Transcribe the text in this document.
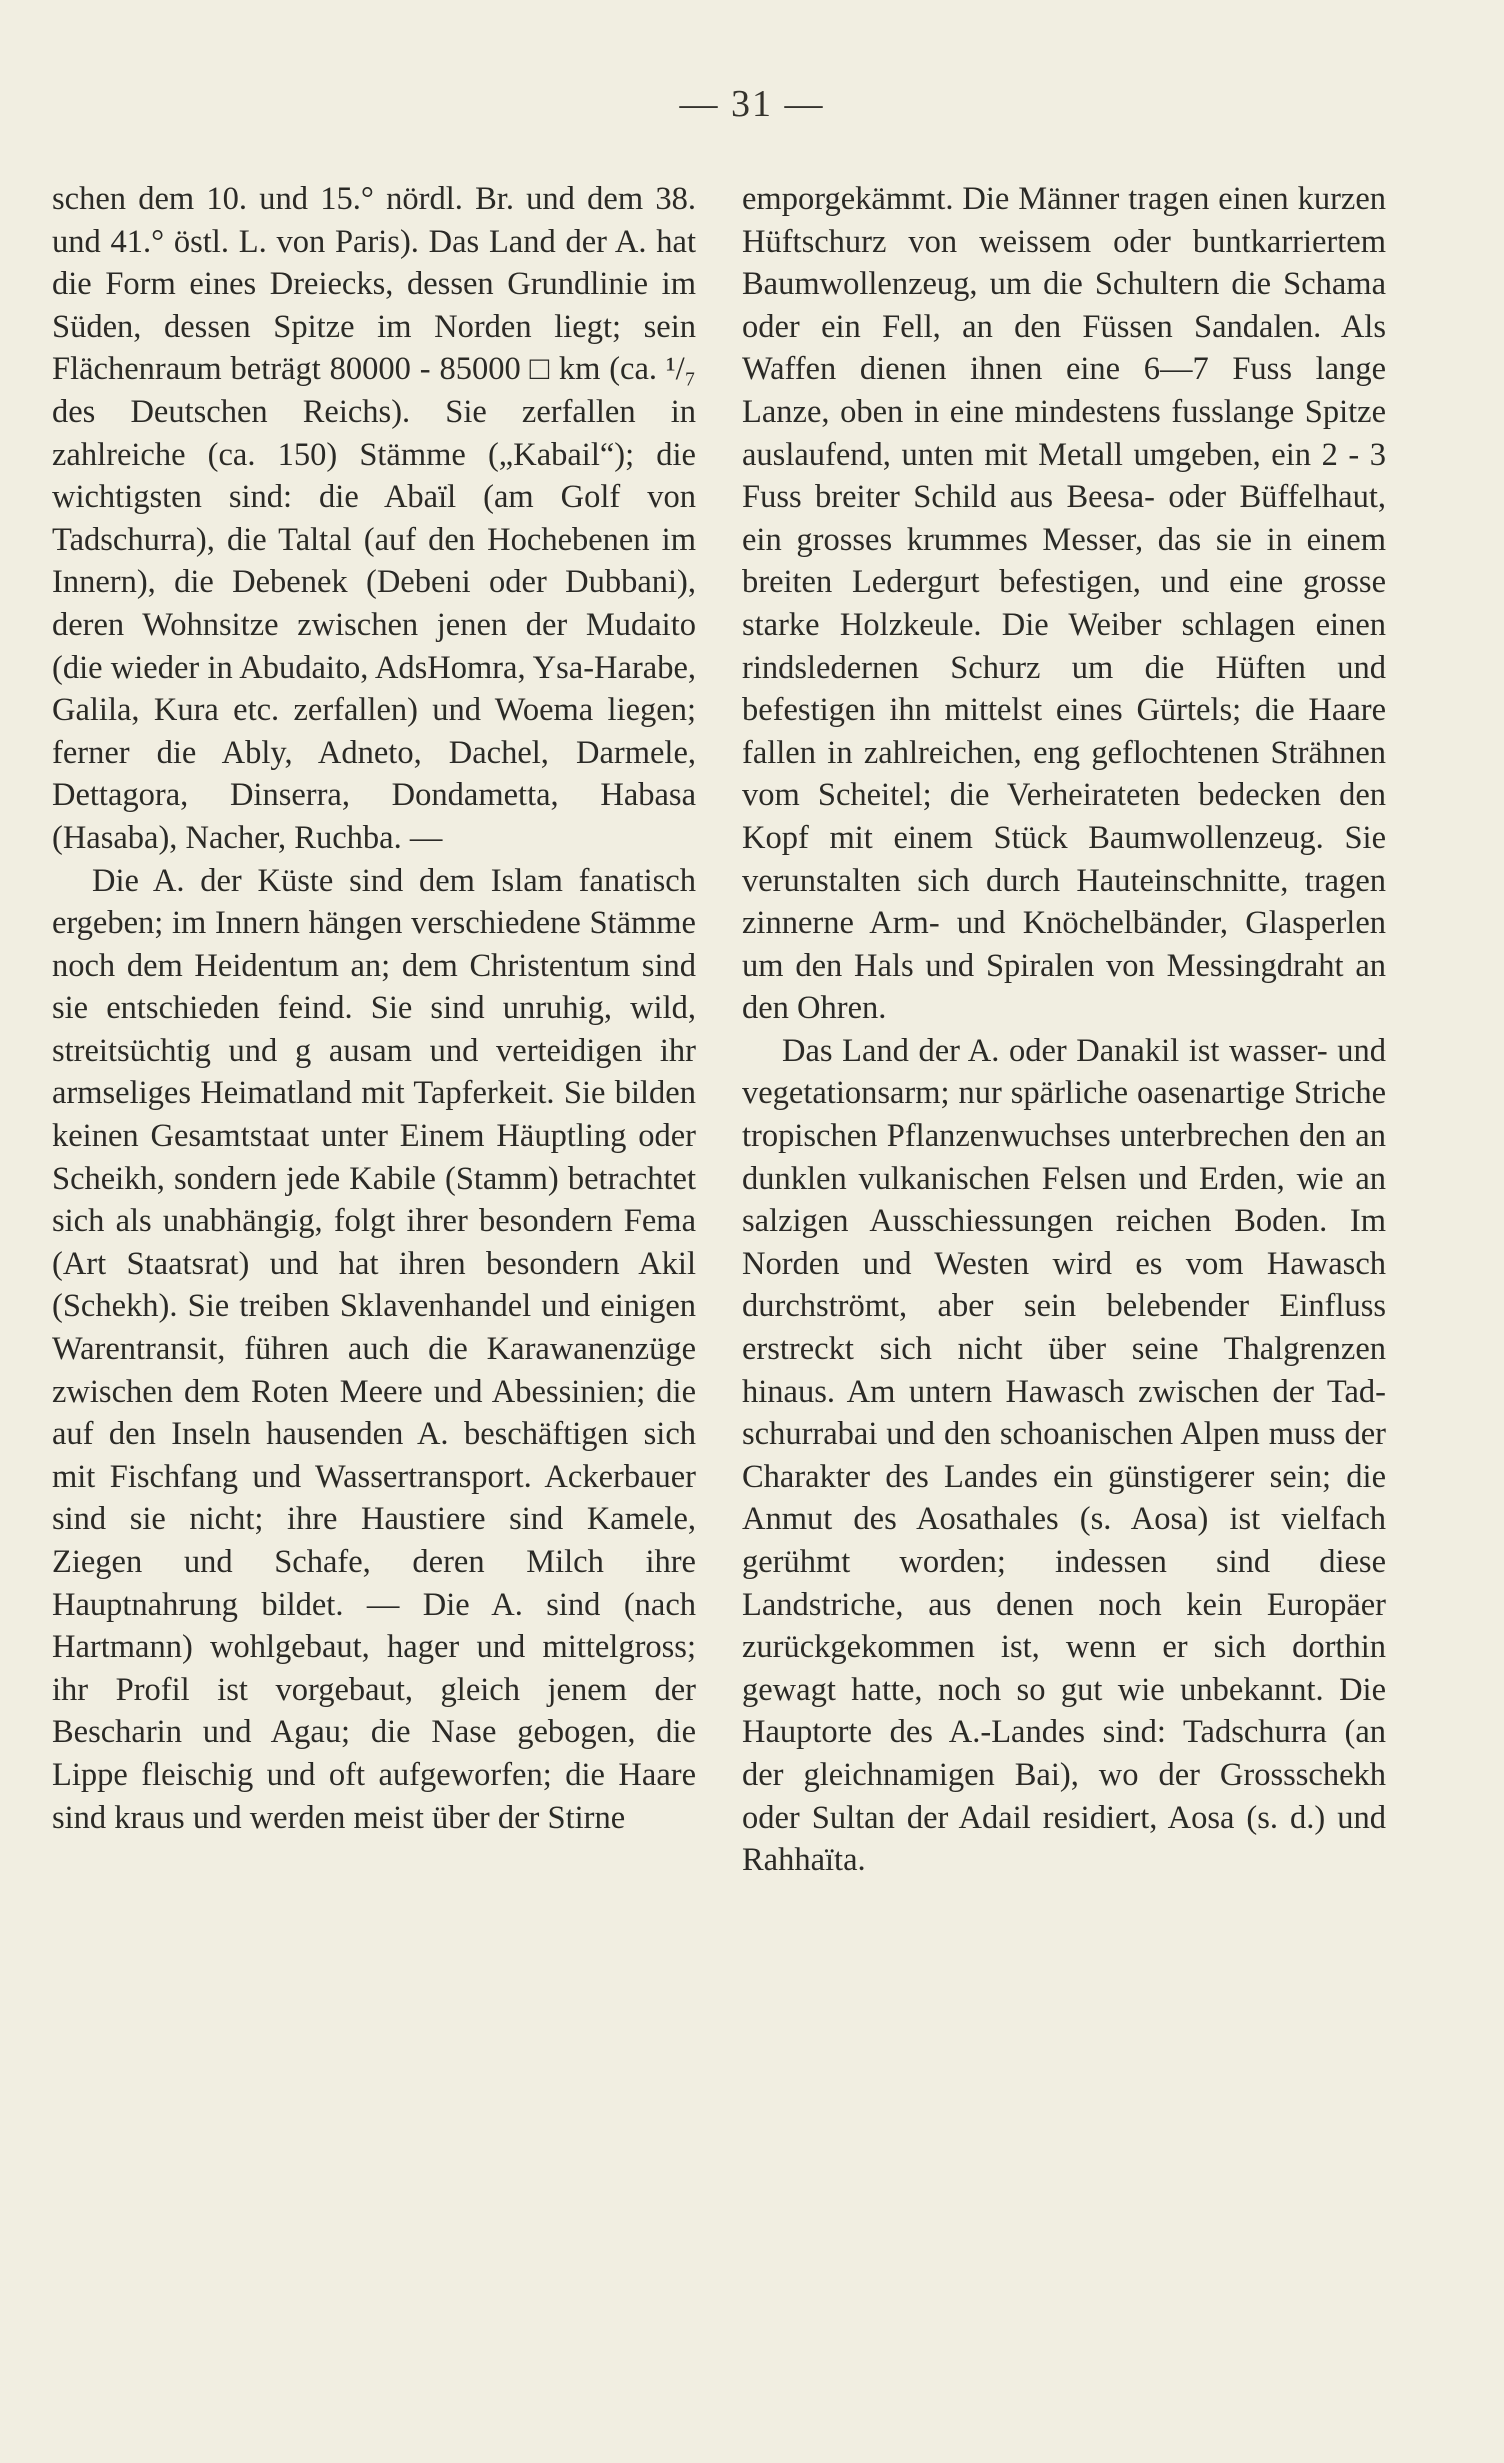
— 31 —

schen dem 10. und 15.° nördl. Br. und dem 38. und 41.° östl. L. von Paris). Das Land der A. hat die Form eines Dreiecks, dessen Grundlinie im Süden, dessen Spitze im Norden liegt; sein Flächenraum beträgt 80000 - 85000 □ km (ca. ¹/₇ des Deutschen Reichs). Sie zerfallen in zahlreiche (ca. 150) Stämme („Kabail“); die wichtigsten sind: die Abaïl (am Golf von Tadschurra), die Taltal (auf den Hochebenen im Innern), die Debenek (Debeni oder Dubbani), deren Wohnsitze zwischen jenen der Mudaito (die wieder in Abudaito, AdsHomra, Ysa-Harabe, Galila, Kura etc. zerfallen) und Woema liegen; ferner die Ably, Adneto, Dachel, Darmele, Dettagora, Dinserra, Dondametta, Habasa (Hasaba), Nacher, Ruchba. —

Die A. der Küste sind dem Islam fanatisch ergeben; im Innern hängen verschiedene Stämme noch dem Heidentum an; dem Christentum sind sie entschieden feind. Sie sind unruhig, wild, streitsüchtig und g ausam und verteidigen ihr armseliges Heimatland mit Tapferkeit. Sie bilden keinen Gesamtstaat unter Einem Häuptling oder Scheikh, sondern jede Kabile (Stamm) betrachtet sich als unabhängig, folgt ihrer besondern Fema (Art Staatsrat) und hat ihren besondern Akil (Schekh). Sie treiben Sklavenhandel und einigen Warentransit, führen auch die Karawanenzüge zwischen dem Roten Meere und Abessinien; die auf den Inseln hausenden A. beschäftigen sich mit Fischfang und Wassertransport. Ackerbauer sind sie nicht; ihre Haustiere sind Kamele, Ziegen und Schafe, deren Milch ihre Hauptnahrung bildet. — Die A. sind (nach Hartmann) wohlgebaut, hager und mittelgross; ihr Profil ist vorgebaut, gleich jenem der Bescharin und Agau; die Nase gebogen, die Lippe fleischig und oft aufgeworfen; die Haare sind kraus und werden meist über der Stirne

emporgekämmt. Die Männer tragen einen kurzen Hüftschurz von weissem oder buntkarriertem Baumwollenzeug, um die Schultern die Schama oder ein Fell, an den Füssen Sandalen. Als Waffen dienen ihnen eine 6—7 Fuss lange Lanze, oben in eine mindestens fusslange Spitze auslaufend, unten mit Metall umgeben, ein 2 - 3 Fuss breiter Schild aus Beesa- oder Büffelhaut, ein grosses krummes Messer, das sie in einem breiten Ledergurt befestigen, und eine grosse starke Holzkeule. Die Weiber schlagen einen rindsledernen Schurz um die Hüften und befestigen ihn mittelst eines Gürtels; die Haare fallen in zahlreichen, eng geflochtenen Strähnen vom Scheitel; die Verheirateten bedecken den Kopf mit einem Stück Baumwollenzeug. Sie verunstalten sich durch Hauteinschnitte, tragen zinnerne Arm- und Knöchelbänder, Glasperlen um den Hals und Spiralen von Messingdraht an den Ohren.

Das Land der A. oder Danakil ist wasser- und vegetationsarm; nur spärliche oasenartige Striche tropischen Pflanzenwuchses unterbrechen den an dunklen vulkanischen Felsen und Erden, wie an salzigen Ausschiessungen reichen Boden. Im Norden und Westen wird es vom Hawasch durchströmt, aber sein belebender Einfluss erstreckt sich nicht über seine Thalgrenzen hinaus. Am untern Hawasch zwischen der Tadschurrabai und den schoanischen Alpen muss der Charakter des Landes ein günstigerer sein; die Anmut des Aosathales (s. Aosa) ist vielfach gerühmt worden; indessen sind diese Landstriche, aus denen noch kein Europäer zurückgekommen ist, wenn er sich dorthin gewagt hatte, noch so gut wie unbekannt. Die Hauptorte des A.-Landes sind: Tadschurra (an der gleichnamigen Bai), wo der Grossschekh oder Sultan der Adail residiert, Aosa (s. d.) und Rahhaïta.
